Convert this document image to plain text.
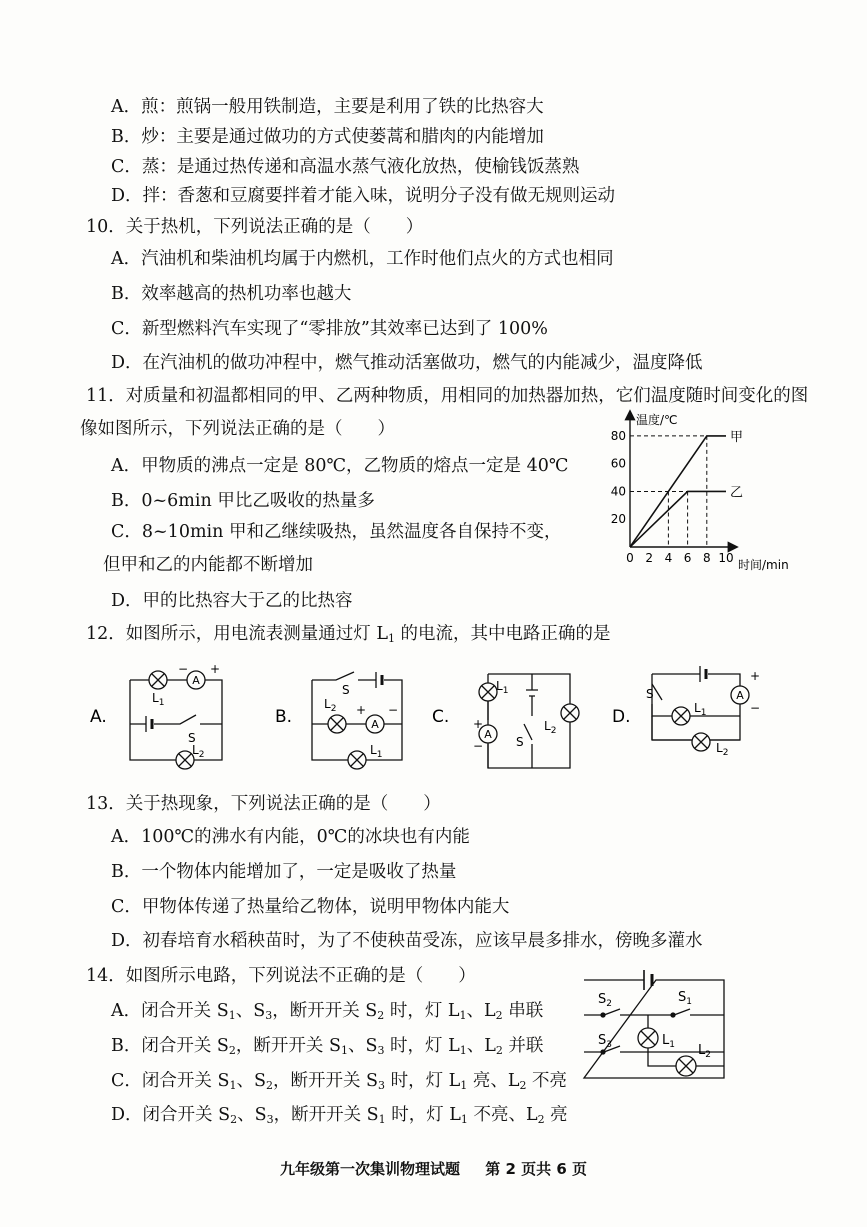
A．煎：煎锅一般用铁制造，主要是利用了铁的比热容大
B．炒：主要是通过做功的方式使蒌蒿和腊肉的内能增加
C．蒸：是通过热传递和高温水蒸气液化放热，使榆钱饭蒸熟
D．拌：香葱和豆腐要拌着才能入味，说明分子没有做无规则运动
10．关于热机，下列说法正确的是（　　）
A．汽油机和柴油机均属于内燃机，工作时他们点火的方式也相同
B．效率越高的热机功率也越大
C．新型燃料汽车实现了“零排放”其效率已达到了 100%
D．在汽油机的做功冲程中，燃气推动活塞做功，燃气的内能减少，温度降低
11．对质量和初温都相同的甲、乙两种物质，用相同的加热器加热，它们温度随时间变化的图
像如图所示，下列说法正确的是（　　）
A．甲物质的沸点一定是 80℃，乙物质的熔点一定是 40℃
B．0~6min 甲比乙吸收的热量多
C．8~10min 甲和乙继续吸热，虽然温度各自保持不变，
但甲和乙的内能都不断增加
D．甲的比热容大于乙的比热容
温度/℃
时间/min
甲
乙
0 2 4 6 8 10
20
40
60
80
12．如图所示，用电流表测量通过灯 $L_1$ 的电流，其中电路正确的是
$L_1$
A
− +
S
$L_2$
S
$L_2$
A
+ −
$L_1$
$L_1$
A
+
−	S
$L_2$
A
+
−
S
$L_1$
$L_2$
A.	B.	C.	D.
13．关于热现象，下列说法正确的是（　　）
A．100℃的沸水有内能，0℃的冰块也有内能
B．一个物体内能增加了，一定是吸收了热量
C．甲物体传递了热量给乙物体，说明甲物体内能大
D．初春培育水稻秧苗时，为了不使秧苗受冻，应该早晨多排水，傍晚多灌水
14．如图所示电路，下列说法不正确的是（　　）
A．闭合开关 $S_1$、$S_3$，断开开关 $S_2$ 时，灯 $L_1$、$L_2$ 串联
B．闭合开关 $S_2$，断开开关 $S_1$、$S_3$ 时，灯 $L_1$、$L_2$ 并联
C．闭合开关 $S_1$、$S_2$，断开开关 $S_3$ 时，灯 $L_1$ 亮、$L_2$ 不亮
D．闭合开关 $S_2$、$S_3$，断开开关 $S_1$ 时，灯 $L_1$ 不亮、$L_2$ 亮
$S_2$	$S_1$
$S_3$	$L_1$ $L_2$
九年级第一次集训物理试题 第 2 页共 6 页
